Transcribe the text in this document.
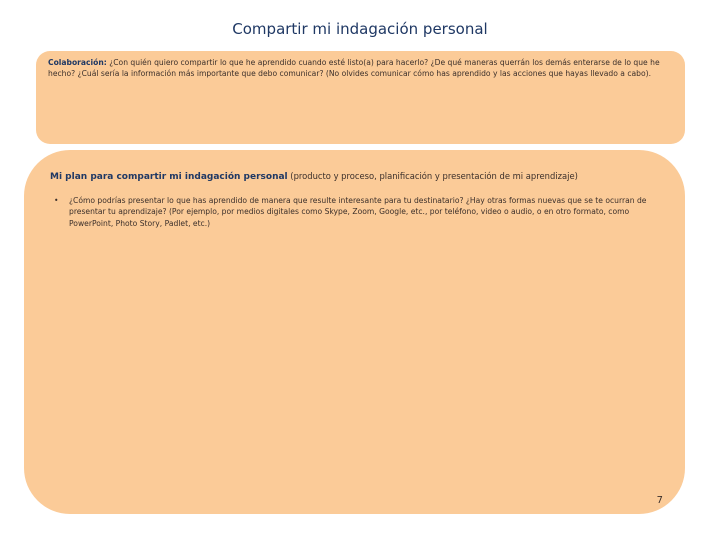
Compartir mi indagación personal
Colaboración: ¿Con quién quiero compartir lo que he aprendido cuando esté listo(a) para hacerlo? ¿De qué maneras querrán los demás enterarse de lo que he hecho? ¿Cuál sería la información más importante que debo comunicar? (No olvides comunicar cómo has aprendido y las acciones que hayas llevado a cabo).
Mi plan para compartir mi indagación personal (producto y proceso, planificación y presentación de mi aprendizaje)
•	¿Cómo podrías presentar lo que has aprendido de manera que resulte interesante para tu destinatario? ¿Hay otras formas nuevas que se te ocurran de presentar tu aprendizaje? (Por ejemplo, por medios digitales como Skype, Zoom, Google, etc., por teléfono, video o audio, o en otro formato, como PowerPoint, Photo Story, Padlet, etc.)
7
